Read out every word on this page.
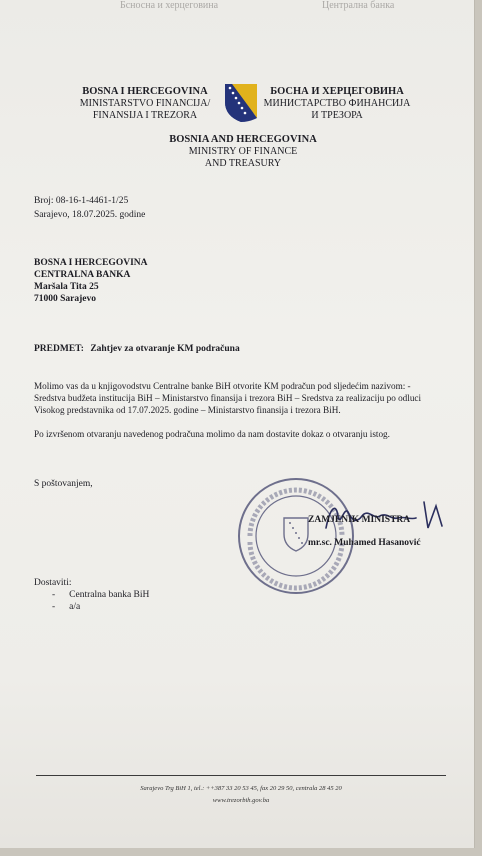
Бсносна и херцеговина	Централна банка
BOSNA I HERCEGOVINA
MINISTARSTVO FINANCIJA/
FINANSIJA I TREZORA
БОСНА И ХЕРЦЕГОВИНА
МИНИСТАРСТВО ФИНАНСИЈА
И ТРЕЗОРА
BOSNIA AND HERCEGOVINA
MINISTRY OF FINANCE
AND TREASURY
Broj: 08-16-1-4461-1/25
Sarajevo, 18.07.2025. godine
BOSNA I HERCEGOVINA
CENTRALNA BANKA
Maršala Tita 25
71000 Sarajevo
PREDMET: Zahtjev za otvaranje KM podračuna
Molimo vas da u knjigovodstvu Centralne banke BiH otvorite KM podračun pod sljedećim nazivom: -
Sredstva budžeta institucija BiH – Ministarstvo finansija i trezora BiH – Sredstva za realizaciju po odluci
Visokog predstavnika od 17.07.2025. godine – Ministarstvo finansija i trezora BiH.
Po izvršenom otvaranju navedenog podračuna molimo da nam dostavite dokaz o otvaranju istog.
S poštovanjem,
ZAMJENIK MINISTRA
mr.sc. Muhamed Hasanović
Dostaviti:
- Centralna banka BiH
- a/a
Sarajevo Trg BiH 1, tel.: ++387 33 20 53 45, fax 20 29 50, centrala 28 45 20
www.trezorbih.gov.ba
